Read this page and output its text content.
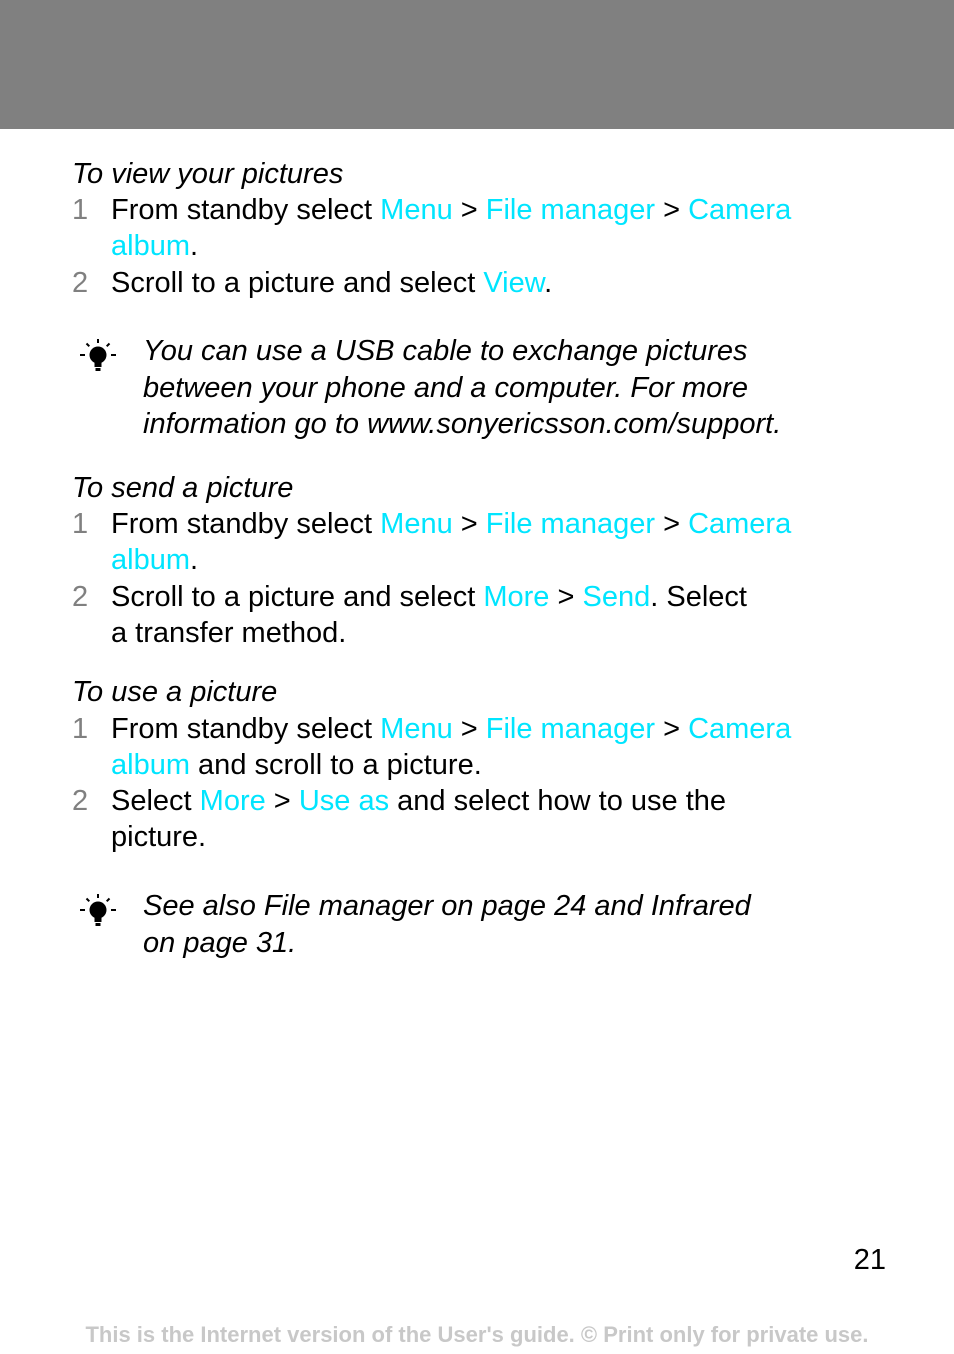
To view your pictures
1 From standby select Menu > File manager > Camera
album.
2 Scroll to a picture and select View.
You can use a USB cable to exchange pictures
between your phone and a computer. For more
information go to www.sonyericsson.com/support.
To send a picture
1 From standby select Menu > File manager > Camera
album.
2 Scroll to a picture and select More > Send. Select
a transfer method.
To use a picture
1 From standby select Menu > File manager > Camera
album and scroll to a picture.
2 Select More > Use as and select how to use the
picture.
See also File manager on page 24 and Infrared
on page 31.
21
This is the Internet version of the User's guide. © Print only for private use.
